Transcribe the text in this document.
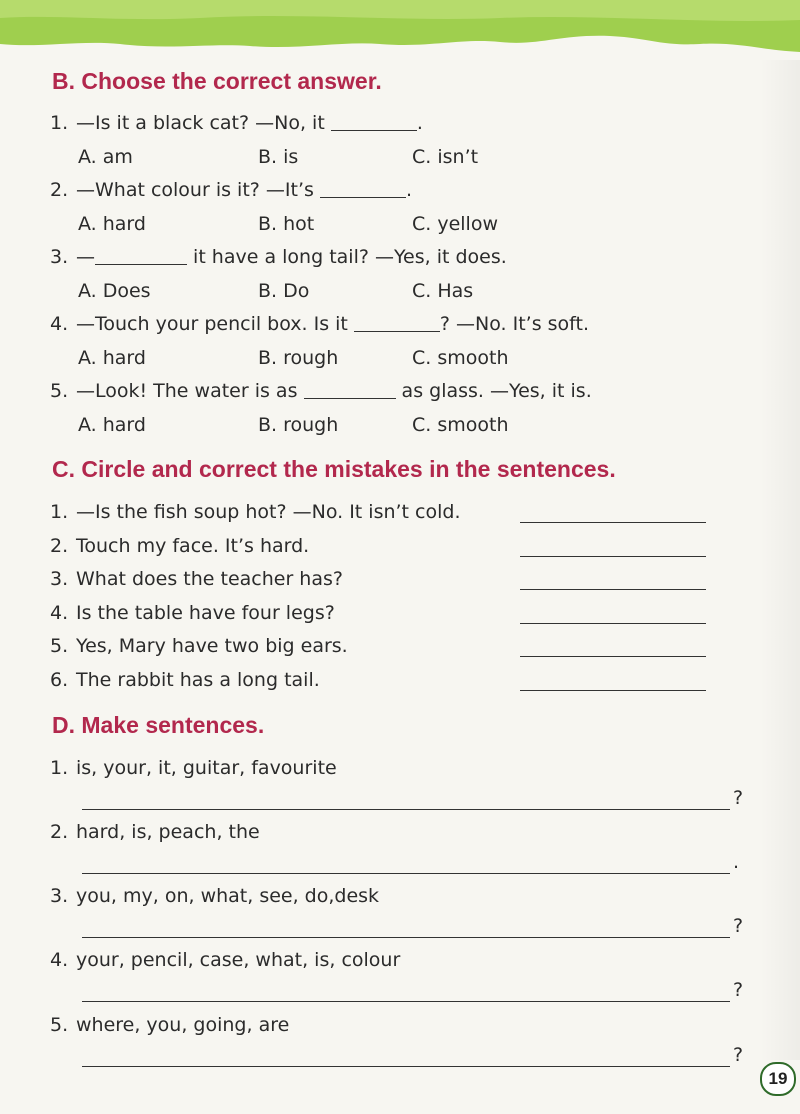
B. Choose the correct answer.
1. —Is it a black cat? —No, it	.
A. am	B. is	C. isn’t
2. —What colour is it? —It’s	.
A. hard	B. hot	C. yellow
3. —	it have a long tail? —Yes, it does.
A. Does	B. Do	C. Has
4. —Touch your pencil box. Is it	? —No. It’s soft.
A. hard	B. rough	C. smooth
5. —Look! The water is as	as glass. —Yes, it is.
A. hard	B. rough	C. smooth
C. Circle and correct the mistakes in the sentences.
1. —Is the fish soup hot? —No. It isn’t cold.
2. Touch my face. It’s hard.
3. What does the teacher has?
4. Is the table have four legs?
5. Yes, Mary have two big ears.
6. The rabbit has a long tail.
D. Make sentences.
1. is, your, it, guitar, favourite
?
2. hard, is, peach, the
.
3. you, my, on, what, see, do,desk
?
4. your, pencil, case, what, is, colour
?
5. where, you, going, are
?
19
